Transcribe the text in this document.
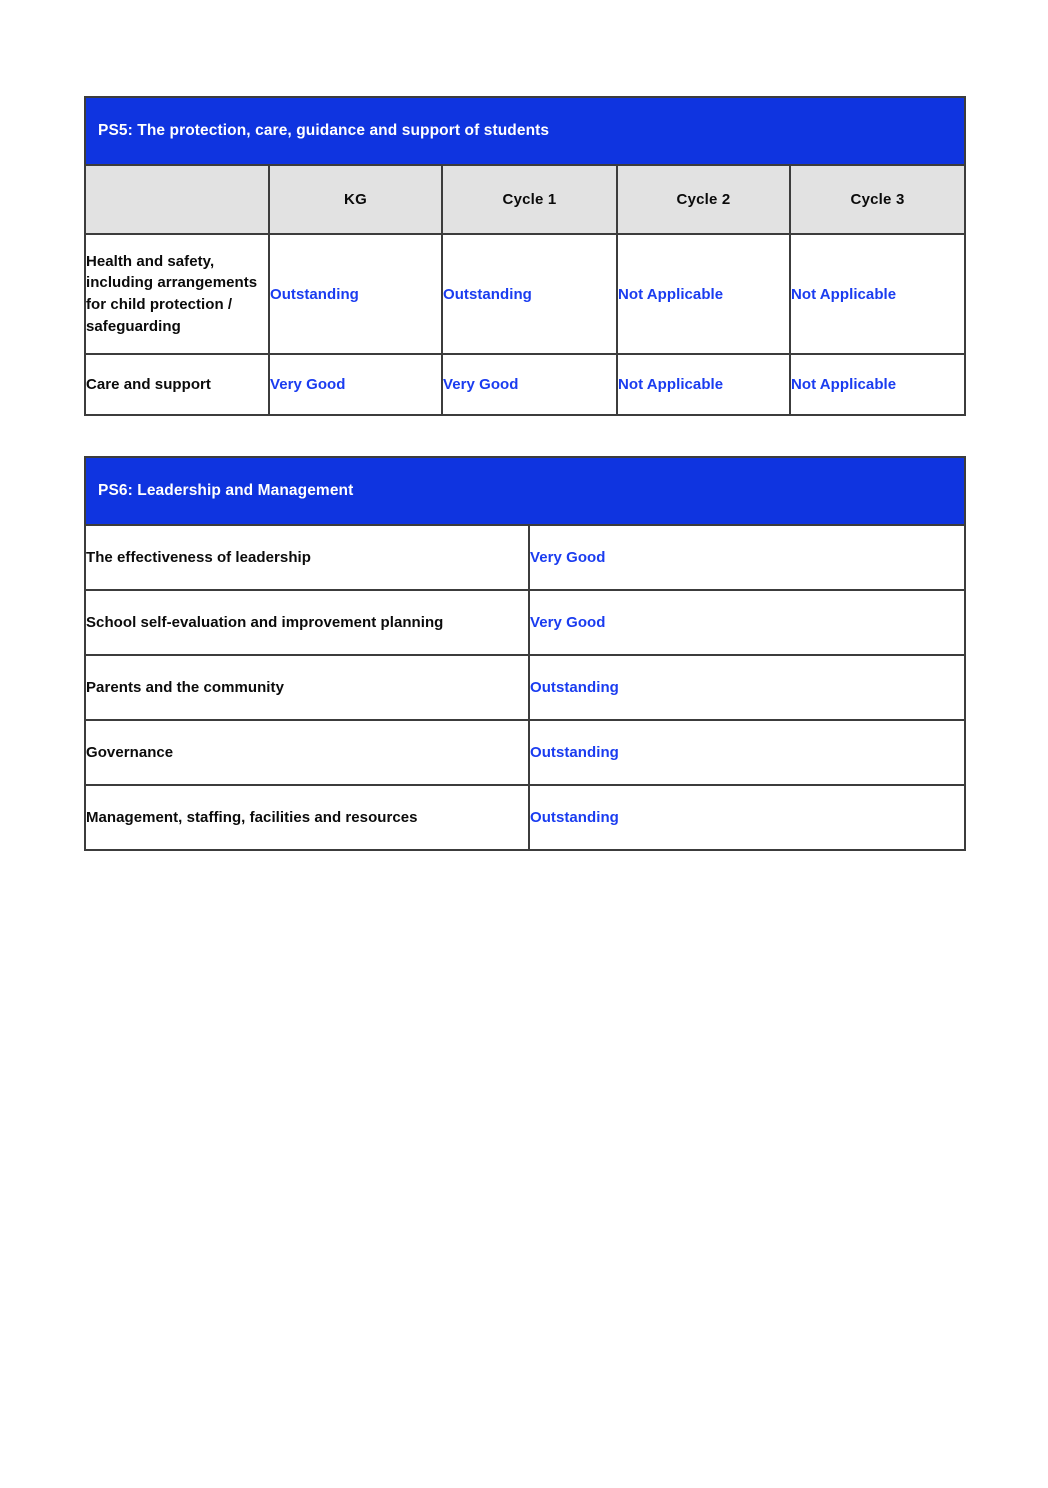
PS5: The protection, care, guidance and support of students				

	KG	Cycle 1	Cycle 2	Cycle 3

Health and safety, including arrangements for child protection / safeguarding	Outstanding	Outstanding	Not Applicable	Not Applicable

Care and support	Very Good	Very Good	Not Applicable	Not Applicable
PS6: Leadership and Management	

The effectiveness of leadership	Very Good

School self-evaluation and improvement planning	Very Good

Parents and the community	Outstanding

Governance	Outstanding

Management, staffing, facilities and resources	Outstanding
